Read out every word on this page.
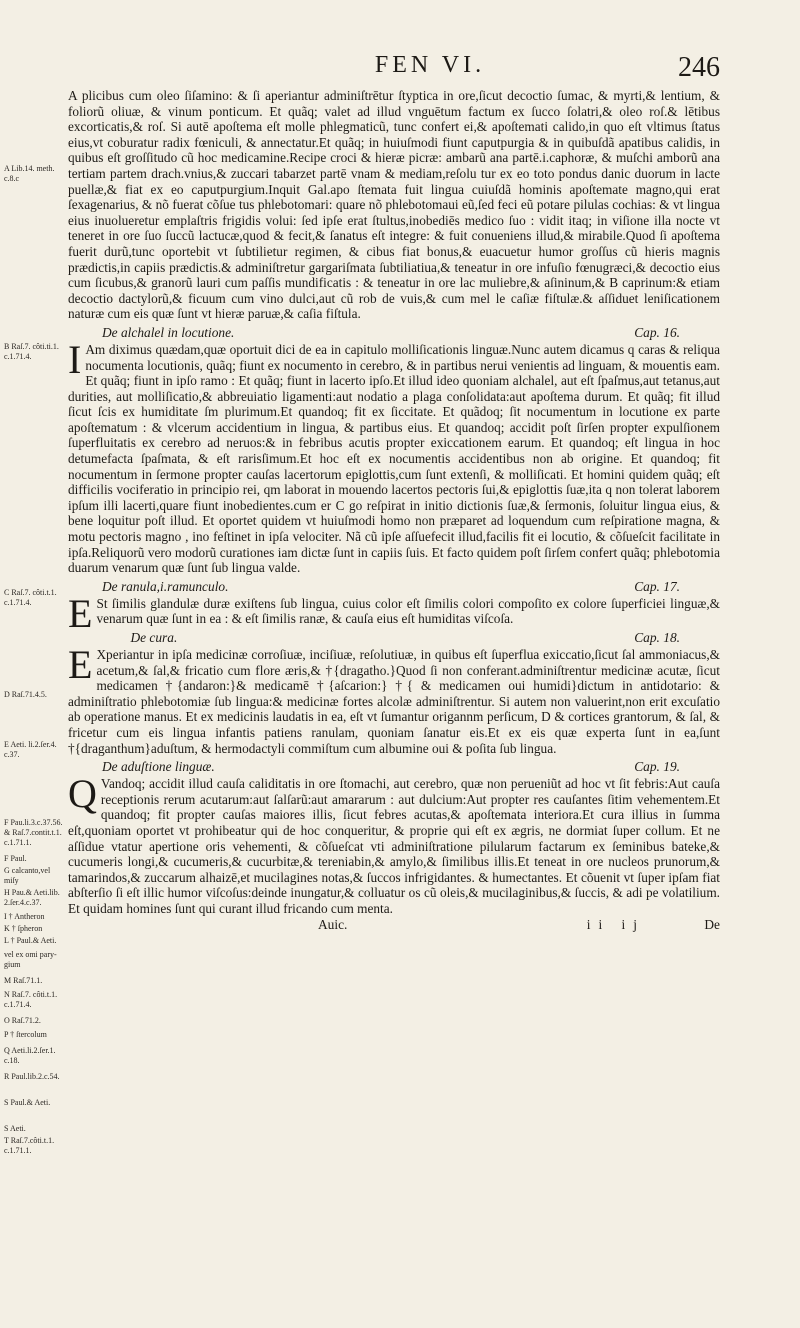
FEN VI.	246
A Lib.14. meth. c.8.c
B Raſ.7. côti.ti.1. c.1.71.4.
C Raſ.7. côti.t.1. c.1.71.4.
D Raſ.71.4.5.
E Aeti. li.2.ſer.4. c.37.
F Pau.li.3.c.37.56. & Raſ.7.contit.t.1. c.1.71.1.
F Paul.
G calcanto,vel miſy
H Pau.& Aeti.lib. 2.ſer.4.c.37.
I † Antheron
K † ſpheron
L † Paul.& Aeti.
vel ex omi pary- gium
M Raſ.71.1.
N Raſ.7. côti.t.1. c.1.71.4.
O Raſ.71.2.
P † ſtercolum
Q Aeti.li.2.ſer.1. c.18.
R Paul.lib.2.c.54.
S Paul.& Aeti.
S Aeti.
T Raſ.7.côti.t.1. c.1.71.1.

A plicibus cum oleo ſiſamino: & ſi aperiantur adminiſtrētur ſtyptica in ore,ſicut decoctio ſumac, & myrti,& lentium, & foliorũ oliuæ, & vinum ponticum. Et quãq; valet ad illud vnguētum factum ex ſucco ſolatri,& oleo roſ.& lētibus excorticatis,& roſ. Si autē apoſtema eſt molle phlegmaticũ, tunc confert ei,& apoſtemati calido,in quo eſt vltimus ſtatus eius,vt coburatur radix fœniculi, & annectatur.Et quãq; in huiuſmodi fiunt caputpurgia & in quibuſdã apatibus calidis, in quibus eſt groſſitudo cũ hoc medicamine.Recipe croci & hieræ picræ: ambarũ ana partē.i.caphoræ, & muſchi amborũ ana tertiam partem drach.vnius,& zuccari tabarzet partē vnam & mediam,reſolu tur ex eo toto pondus danic duorum in lacte puellæ,& fiat ex eo caputpurgium.Inquit Gal.apo ſtemata fuit lingua cuiuſdã hominis apoſtemate magno,qui erat ſexagenarius, & nõ fuerat cõſue tus phlebotomari: quare nõ phlebotomaui eũ,ſed feci eũ potare pilulas cochias: & vt lingua eius inuolueretur emplaſtris frigidis volui: ſed ipſe erat ſtultus,inobediēs medico ſuo : vidit itaq; in viſione illa nocte vt teneret in ore ſuo ſuccũ lactucæ,quod & fecit,& ſanatus eſt integre: & fuit conueniens illud,& mirabile.Quod ſi apoſtema fuerit durũ,tunc oportebit vt ſubtilietur regimen, & cibus fiat bonus,& euacuetur humor groſſus cũ hieris magnis prædictis,in capiis prædictis.& adminiſtretur gargariſmata ſubtiliatiua,& teneatur in ore infuſio fœnugræci,& decoctio eius cum ſicubus,& granorũ lauri cum paſſis mundificatis : & teneatur in ore lac muliebre,& aſininum,& B caprinum:& etiam decoctio dactylorũ,& ficuum cum vino dulci,aut cũ rob de vuis,& cum mel le caſiæ fiſtulæ.& aſſiduet leniſicationem naturæ cum eis quæ ſunt vt hieræ paruæ,& caſia fiſtula.

De alchalel in locutione.	Cap. 16.

I Am diximus quædam,quæ oportuit dici de ea in capitulo molliſicationis linguæ.Nunc autem dicamus q caras & reliqua nocumenta locutionis, quãq; fiunt ex nocumento in cerebro, & in partibus nerui venientis ad linguam, & mouentis eam. Et quãq; fiunt in ipſo ramo : Et quãq; fiunt in lacerto ipſo.Et illud ideo quoniam alchalel, aut eſt ſpaſmus,aut tetanus,aut durities, aut molliſicatio,& abbreuiatio ligamenti:aut nodatio a plaga conſolidata:aut apoſtema durum. Et quãq; fit illud ſicut ſcis ex humiditate ſm plurimum.Et quandoq; fit ex ſiccitate. Et quãdoq; ſit nocumentum in locutione ex parte apoſtematum : & vlcerum accidentium in lingua, & partibus eius. Et quandoq; accidit poſt ſirſen propter expulſionem ſuperfluitatis ex cerebro ad neruos:& in febribus acutis propter exiccationem earum. Et quandoq; eſt lingua in hoc detumefacta ſpaſmata, & eſt rarisſimum.Et hoc eſt ex nocumentis accidentibus non ab origine. Et quandoq; fit nocumentum in ſermone propter cauſas lacertorum epiglottis,cum ſunt extenſi, & molliſicati. Et homini quidem quãq; eſt difficilis vociferatio in principio rei, qm laborat in mouendo lacertos pectoris ſui,& epiglottis ſuæ,ita q non tolerat laborem ipſum illi lacerti,quare fiunt inobedientes.cum er C go reſpirat in initio dictionis ſuæ,& ſermonis, ſoluitur lingua eius, & bene loquitur poſt illud. Et oportet quidem vt huiuſmodi homo non præparet ad loquendum cum reſpiratione magna, & motu pectoris magno , ino feſtinet in ipſa velociter. Nã cũ ipſe aſſuefecit illud,facilis fit ei locutio, & cõſueſcit facilitate in ipſa.Reliquorũ vero modorũ curationes iam dictæ ſunt in capiis ſuis. Et facto quidem poſt ſirſem confert quãq; phlebotomia duarum venarum quæ ſunt ſub lingua valde.

De ranula,i.ramunculo.	Cap. 17.

E St ſimilis glandulæ duræ exiſtens ſub lingua, cuius color eſt ſimilis colori compoſito ex colore ſuperficiei linguæ,& venarum quæ ſunt in ea : & eſt ſimilis ranæ, & cauſa eius eſt humiditas viſcoſa.

De cura.	Cap. 18.

E Xperiantur in ipſa medicinæ corroſiuæ, inciſiuæ, reſolutiuæ, in quibus eſt ſuperflua exiccatio,ſicut ſal ammoniacus,& acetum,& ſal,& fricatio cum flore æris,& †{dragatho.}Quod ſi non conferant.adminiſtrentur medicinæ acutæ, ſicut medicamen †{andaron:}& medicamē †{aſcarion:} †{ & medicamen oui humidi}dictum in antidotario: & adminiſtratio phlebotomiæ ſub lingua:& medicinæ fortes alcolæ adminiſtrentur. Si autem non valuerint,non erit excuſatio ab operatione manus. Et ex medicinis laudatis in ea, eſt vt ſumantur origannm perſicum, D & cortices grantorum, & ſal, & fricetur cum eis lingua infantis patiens ranulam, quoniam ſanatur eis.Et ex eis quæ experta ſunt in ea,ſunt †{draganthum}aduſtum, & hermodactyli commiſtum cum albumine oui & poſita ſub lingua.

De aduſtione linguæ.	Cap. 19.

Q Vandoq; accidit illud cauſa caliditatis in ore ſtomachi, aut cerebro, quæ non perueniũt ad hoc vt ſit febris:Aut cauſa receptionis rerum acutarum:aut ſalſarũ:aut amararum : aut dulcium:Aut propter res cauſantes ſitim vehementem.Et quandoq; fit propter cauſas maiores illis, ſicut febres acutas,& apoſtemata interiora.Et cura illius in ſumma eſt,quoniam oportet vt prohibeatur qui de hoc conqueritur, & proprie qui eſt ex ægris, ne dormiat ſuper collum. Et ne aſſidue vtatur apertione oris vehementi, & cõſueſcat vti adminiſtratione pilularum factarum ex ſeminibus bateke,& cucumeris longi,& cucumeris,& cucurbitæ,& tereniabin,& amylo,& ſimilibus illis.Et teneat in ore nucleos prunorum,& tamarindos,& zuccarum alhaizē,et mucilagines notas,& ſuccos infrigidantes. & humectantes. Et cõuenit vt ſuper ipſam fiat abſterſio ſi eſt illic humor viſcoſus:deinde inungatur,& colluatur os cũ oleis,& mucilaginibus,& ſuccis, & adi pe volatilium. Et quidam homines ſunt qui curant illud fricando cum menta.

Auic.	ii ij	De
